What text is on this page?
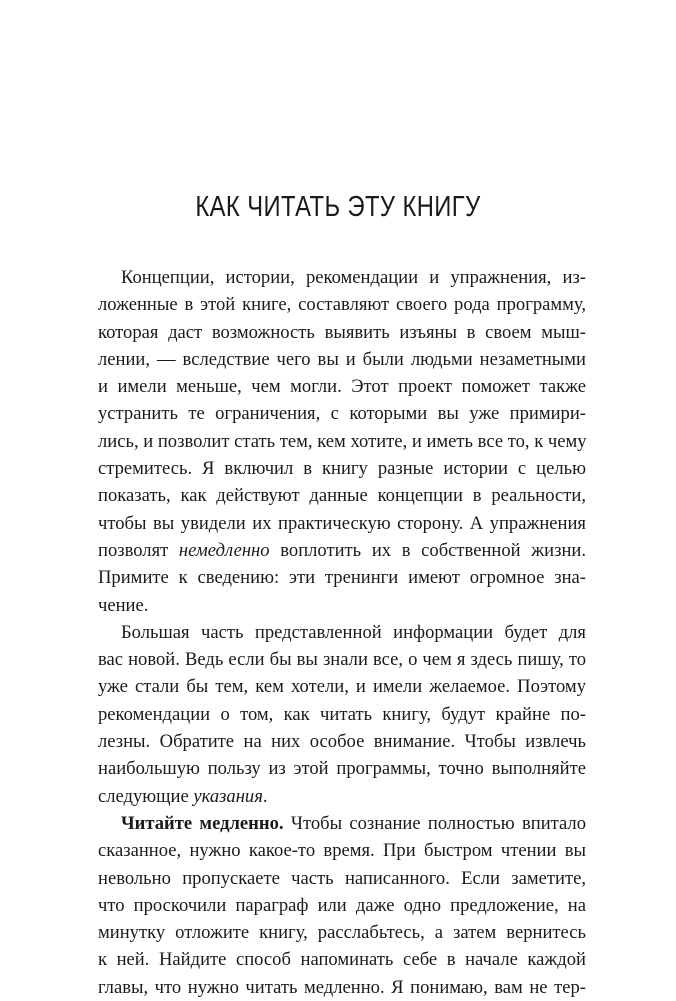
КАК ЧИТАТЬ ЭТУ КНИГУ
Концепции, истории, рекомендации и упражнения, из-
ложенные в этой книге, составляют своего рода программу,
которая даст возможность выявить изъяны в своем мыш-
лении, — вследствие чего вы и были людьми незаметными
и имели меньше, чем могли. Этот проект поможет также
устранить те ограничения, с которыми вы уже примири-
лись, и позволит стать тем, кем хотите, и иметь все то, к чему
стремитесь. Я включил в книгу разные истории с целью
показать, как действуют данные концепции в реальности,
чтобы вы увидели их практическую сторону. А упражнения
позволят немедленно воплотить их в собственной жизни.
Примите к сведению: эти тренинги имеют огромное зна-
чение.
Большая часть представленной информации будет для
вас новой. Ведь если бы вы знали все, о чем я здесь пишу, то
уже стали бы тем, кем хотели, и имели желаемое. Поэтому
рекомендации о том, как читать книгу, будут крайне по-
лезны. Обратите на них особое внимание. Чтобы извлечь
наибольшую пользу из этой программы, точно выполняйте
следующие указания.
Читайте медленно. Чтобы сознание полностью впитало
сказанное, нужно какое-то время. При быстром чтении вы
невольно пропускаете часть написанного. Если заметите,
что проскочили параграф или даже одно предложение, на
минутку отложите книгу, расслабьтесь, а затем вернитесь
к ней. Найдите способ напоминать себе в начале каждой
главы, что нужно читать медленно. Я понимаю, вам не тер-
